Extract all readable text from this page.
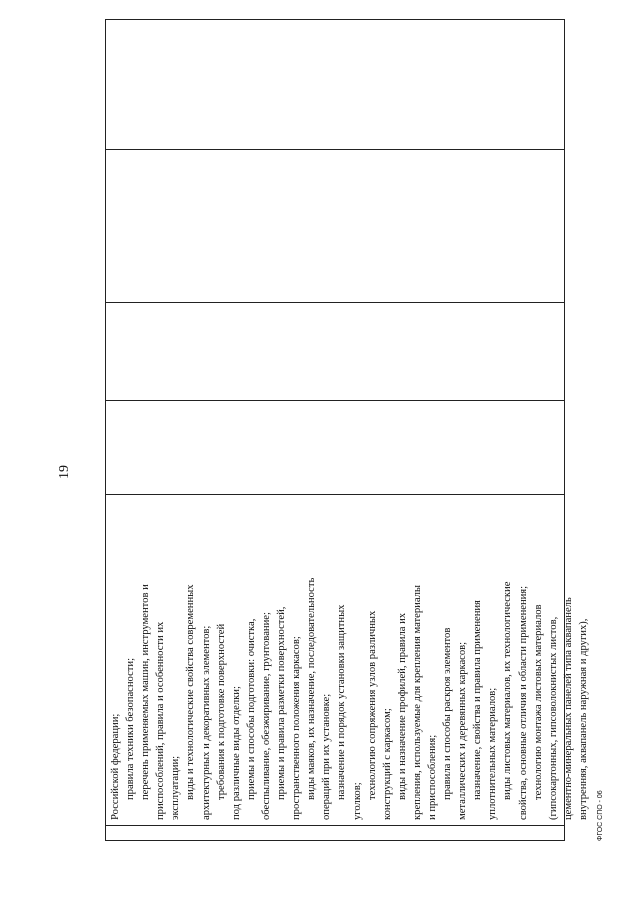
19
Российской федерации; правила техники безопасности; перечень применяемых машин, инструментов и приспособлений, правила и особенности их эксплуатации; виды и технологические свойства современных архитектурных и декоративных элементов; требования к подготовке поверхностей под различные виды отделки; приемы и способы подготовки: очистка, обеспыливание, обезжиривание, грунтование; приемы и правила разметки поверхностей, пространственного положения каркасов; виды маяков, их назначение, последовательность операций при их установке; назначение и порядок установки защитных
уголков;
технологию сопряжения узлов различных конструкций с каркасом; виды и назначение профилей, правила их крепления, используемые для крепления материалы и приспособления; правила и способы раскроя элементов металлических и деревянных каркасов; назначение, свойства и правила применения уплотнительных материалов; виды листовых материалов, их технологические свойства, основные отличия и области применения; технологию монтажа листовых материалов (гипсокартонных, гипсоволокнистых листов, цементно-минеральных панелей типа аквапанель внутренняя, аквапанель наружная и других), ФГОС СПО - 06
